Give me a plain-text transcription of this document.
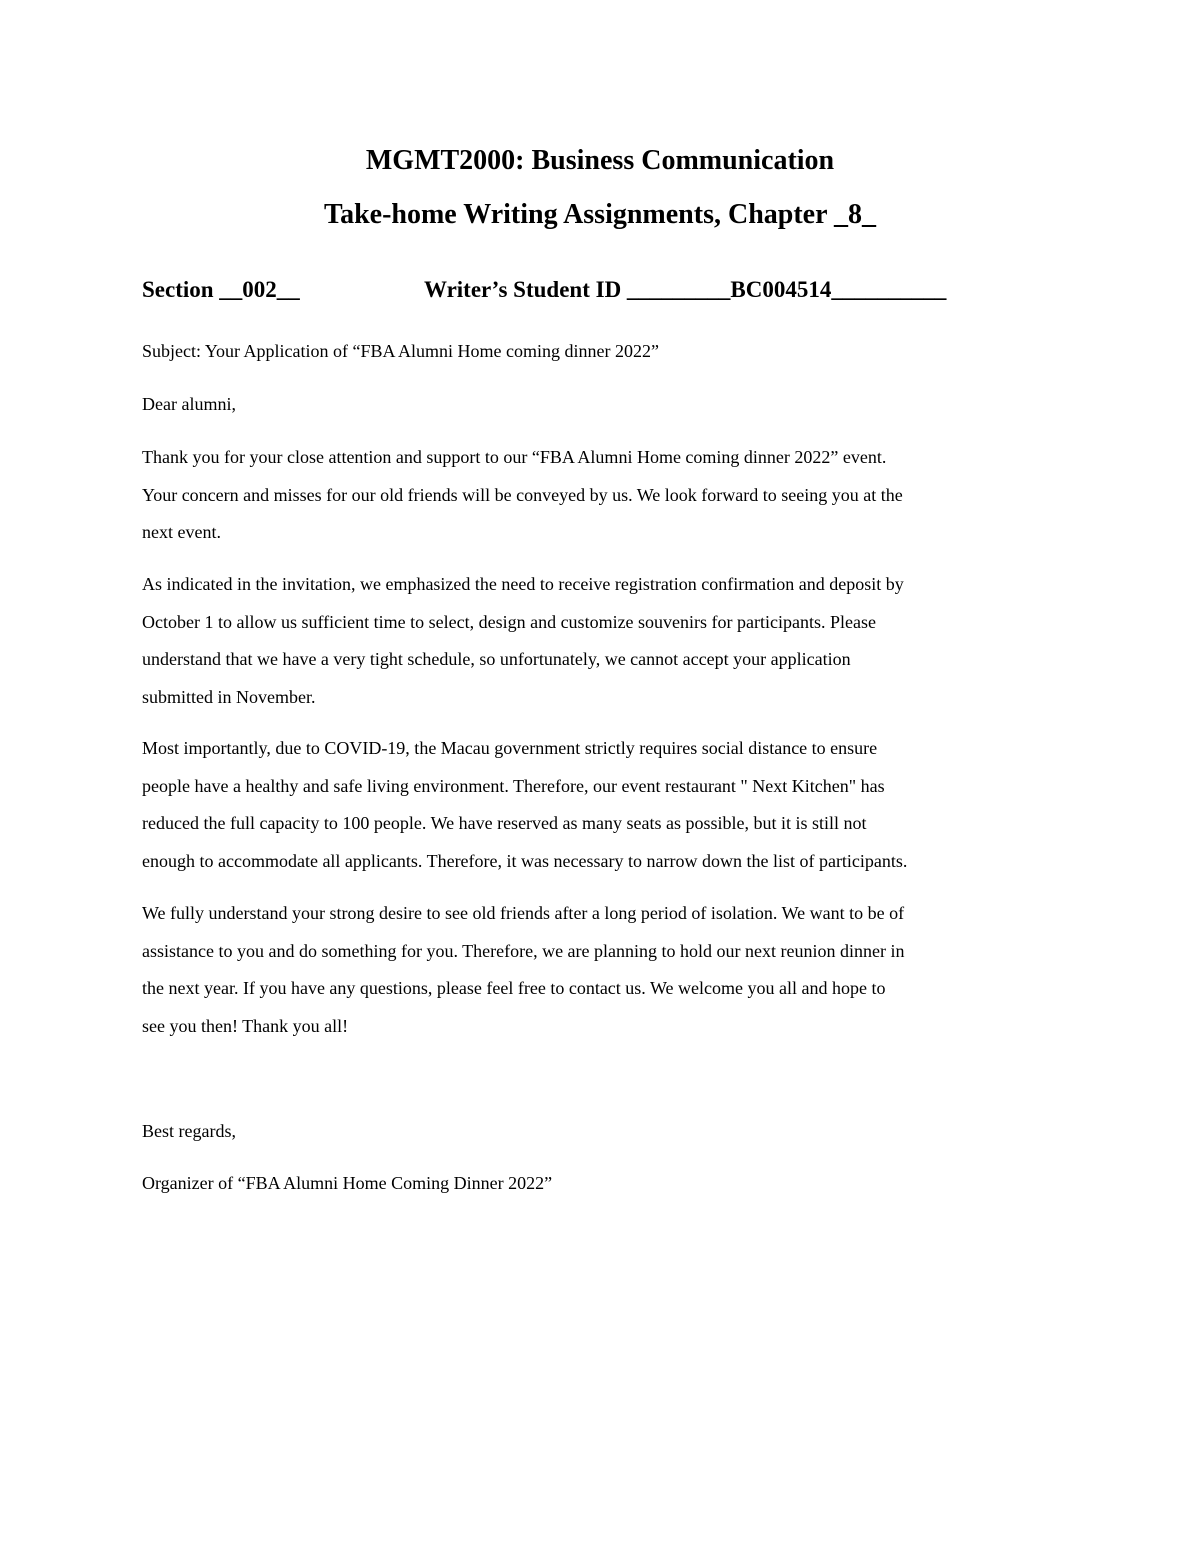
MGMT2000: Business Communication
Take-home Writing Assignments, Chapter _8_
Section __002__	Writer’s Student ID _________BC004514__________
Subject: Your Application of “FBA Alumni Home coming dinner 2022”
Dear alumni,
Thank you for your close attention and support to our “FBA Alumni Home coming dinner 2022” event.
Your concern and misses for our old friends will be conveyed by us. We look forward to seeing you at the
next event.
As indicated in the invitation, we emphasized the need to receive registration confirmation and deposit by
October 1 to allow us sufficient time to select, design and customize souvenirs for participants. Please
understand that we have a very tight schedule, so unfortunately, we cannot accept your application
submitted in November.
Most importantly, due to COVID-19, the Macau government strictly requires social distance to ensure
people have a healthy and safe living environment. Therefore, our event restaurant " Next Kitchen" has
reduced the full capacity to 100 people. We have reserved as many seats as possible, but it is still not
enough to accommodate all applicants. Therefore, it was necessary to narrow down the list of participants.
We fully understand your strong desire to see old friends after a long period of isolation. We want to be of
assistance to you and do something for you. Therefore, we are planning to hold our next reunion dinner in
the next year. If you have any questions, please feel free to contact us. We welcome you all and hope to
see you then! Thank you all!
Best regards,
Organizer of “FBA Alumni Home Coming Dinner 2022”
